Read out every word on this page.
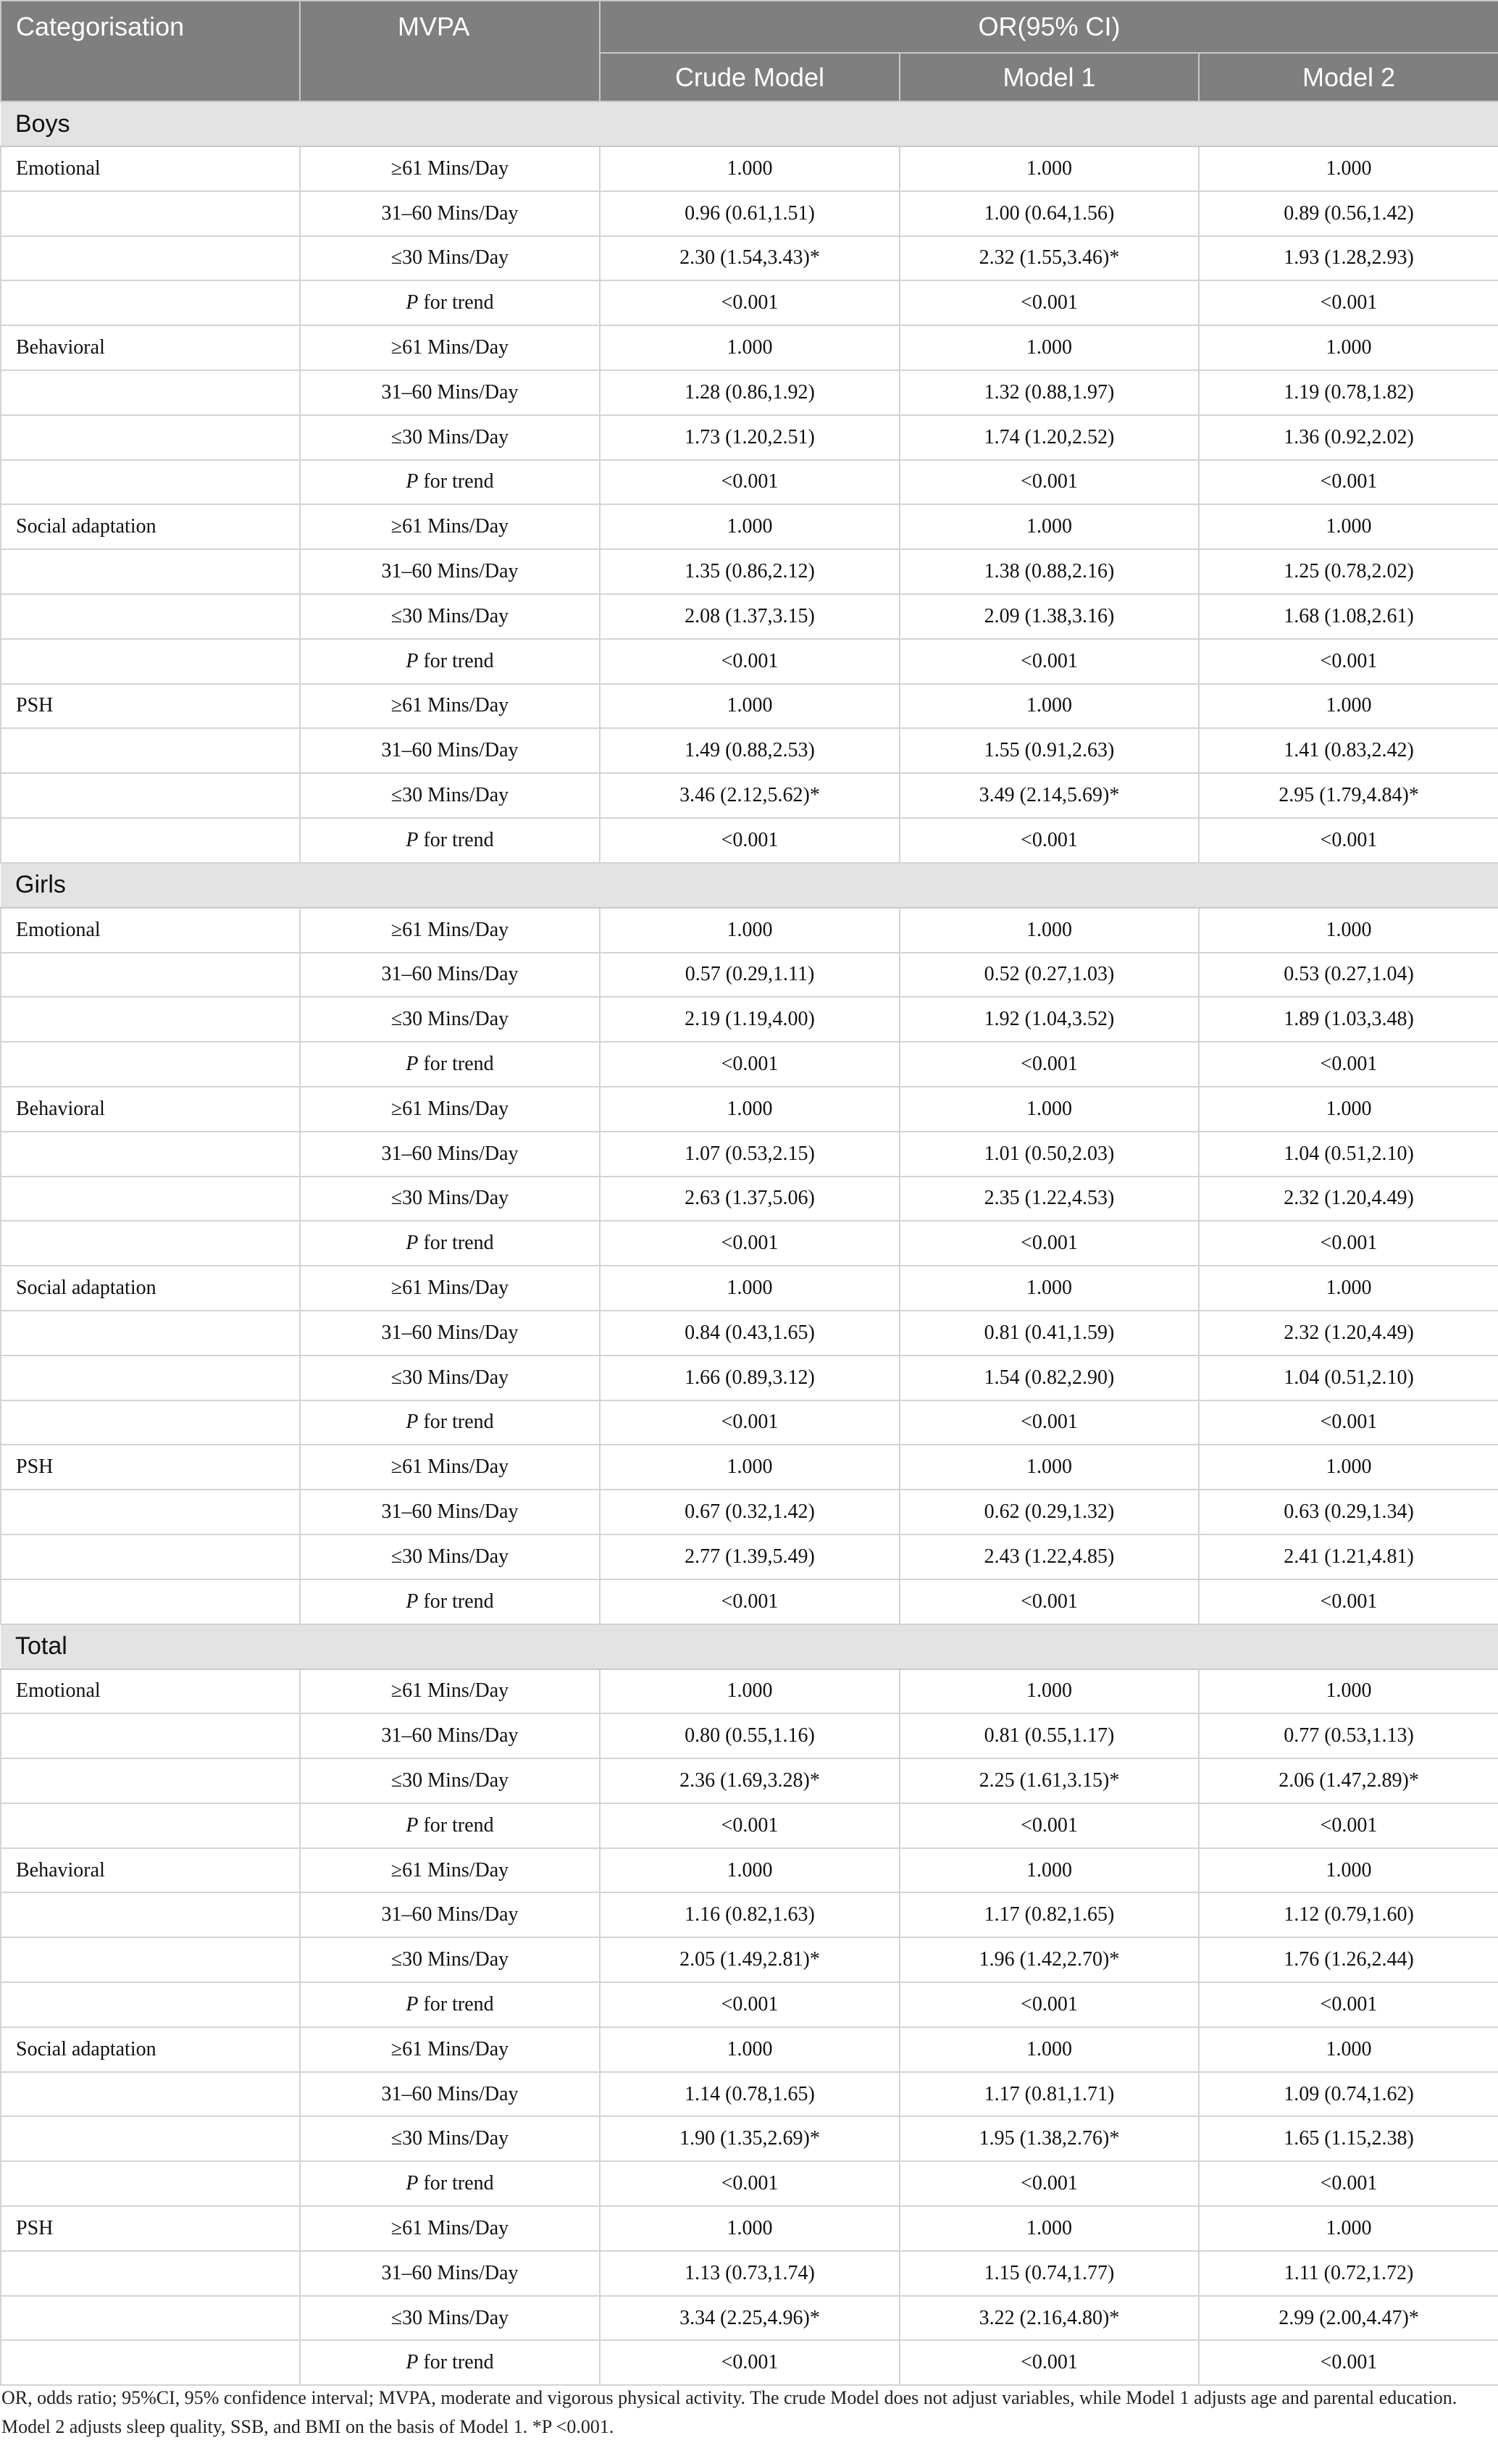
Categorisation	MVPA	OR(95% CI)		
		Crude Model	Model 1	Model 2
Boys				
Emotional	≥61 Mins/Day	1.000	1.000	1.000
	31–60 Mins/Day	0.96 (0.61,1.51)	1.00 (0.64,1.56)	0.89 (0.56,1.42)
	≤30 Mins/Day	2.30 (1.54,3.43)*	2.32 (1.55,3.46)*	1.93 (1.28,2.93)
	P for trend	<0.001	<0.001	<0.001
Behavioral	≥61 Mins/Day	1.000	1.000	1.000
	31–60 Mins/Day	1.28 (0.86,1.92)	1.32 (0.88,1.97)	1.19 (0.78,1.82)
	≤30 Mins/Day	1.73 (1.20,2.51)	1.74 (1.20,2.52)	1.36 (0.92,2.02)
	P for trend	<0.001	<0.001	<0.001
Social adaptation	≥61 Mins/Day	1.000	1.000	1.000
	31–60 Mins/Day	1.35 (0.86,2.12)	1.38 (0.88,2.16)	1.25 (0.78,2.02)
	≤30 Mins/Day	2.08 (1.37,3.15)	2.09 (1.38,3.16)	1.68 (1.08,2.61)
	P for trend	<0.001	<0.001	<0.001
PSH	≥61 Mins/Day	1.000	1.000	1.000
	31–60 Mins/Day	1.49 (0.88,2.53)	1.55 (0.91,2.63)	1.41 (0.83,2.42)
	≤30 Mins/Day	3.46 (2.12,5.62)*	3.49 (2.14,5.69)*	2.95 (1.79,4.84)*
	P for trend	<0.001	<0.001	<0.001
Girls				
Emotional	≥61 Mins/Day	1.000	1.000	1.000
	31–60 Mins/Day	0.57 (0.29,1.11)	0.52 (0.27,1.03)	0.53 (0.27,1.04)
	≤30 Mins/Day	2.19 (1.19,4.00)	1.92 (1.04,3.52)	1.89 (1.03,3.48)
	P for trend	<0.001	<0.001	<0.001
Behavioral	≥61 Mins/Day	1.000	1.000	1.000
	31–60 Mins/Day	1.07 (0.53,2.15)	1.01 (0.50,2.03)	1.04 (0.51,2.10)
	≤30 Mins/Day	2.63 (1.37,5.06)	2.35 (1.22,4.53)	2.32 (1.20,4.49)
	P for trend	<0.001	<0.001	<0.001
Social adaptation	≥61 Mins/Day	1.000	1.000	1.000
	31–60 Mins/Day	0.84 (0.43,1.65)	0.81 (0.41,1.59)	2.32 (1.20,4.49)
	≤30 Mins/Day	1.66 (0.89,3.12)	1.54 (0.82,2.90)	1.04 (0.51,2.10)
	P for trend	<0.001	<0.001	<0.001
PSH	≥61 Mins/Day	1.000	1.000	1.000
	31–60 Mins/Day	0.67 (0.32,1.42)	0.62 (0.29,1.32)	0.63 (0.29,1.34)
	≤30 Mins/Day	2.77 (1.39,5.49)	2.43 (1.22,4.85)	2.41 (1.21,4.81)
	P for trend	<0.001	<0.001	<0.001
Total				
Emotional	≥61 Mins/Day	1.000	1.000	1.000
	31–60 Mins/Day	0.80 (0.55,1.16)	0.81 (0.55,1.17)	0.77 (0.53,1.13)
	≤30 Mins/Day	2.36 (1.69,3.28)*	2.25 (1.61,3.15)*	2.06 (1.47,2.89)*
	P for trend	<0.001	<0.001	<0.001
Behavioral	≥61 Mins/Day	1.000	1.000	1.000
	31–60 Mins/Day	1.16 (0.82,1.63)	1.17 (0.82,1.65)	1.12 (0.79,1.60)
	≤30 Mins/Day	2.05 (1.49,2.81)*	1.96 (1.42,2.70)*	1.76 (1.26,2.44)
	P for trend	<0.001	<0.001	<0.001
Social adaptation	≥61 Mins/Day	1.000	1.000	1.000
	31–60 Mins/Day	1.14 (0.78,1.65)	1.17 (0.81,1.71)	1.09 (0.74,1.62)
	≤30 Mins/Day	1.90 (1.35,2.69)*	1.95 (1.38,2.76)*	1.65 (1.15,2.38)
	P for trend	<0.001	<0.001	<0.001
PSH	≥61 Mins/Day	1.000	1.000	1.000
	31–60 Mins/Day	1.13 (0.73,1.74)	1.15 (0.74,1.77)	1.11 (0.72,1.72)
	≤30 Mins/Day	3.34 (2.25,4.96)*	3.22 (2.16,4.80)*	2.99 (2.00,4.47)*
	P for trend	<0.001	<0.001	<0.001
OR, odds ratio; 95%CI, 95% confidence interval; MVPA, moderate and vigorous physical activity. The crude Model does not adjust variables, while Model 1 adjusts age and parental education.
Model 2 adjusts sleep quality, SSB, and BMI on the basis of Model 1. *P <0.001.
